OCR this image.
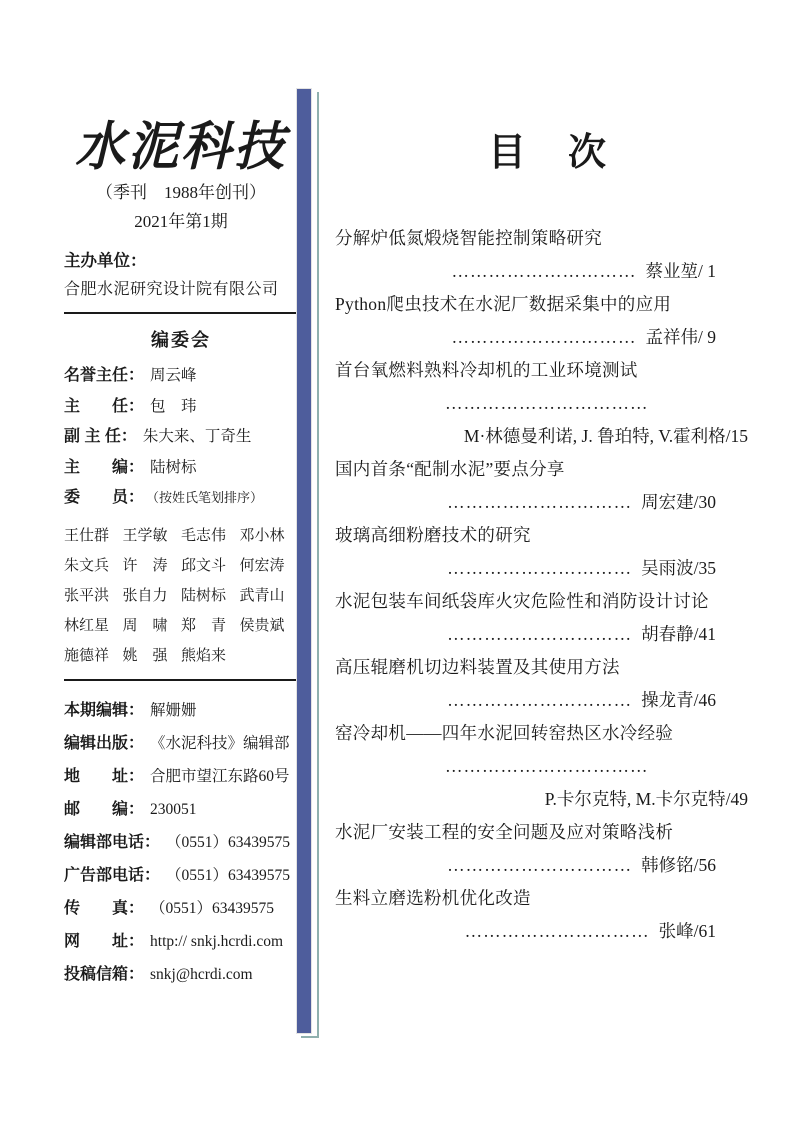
水泥科技
（季刊　1988年创刊）
2021年第1期
主办单位：
合肥水泥研究设计院有限公司
编委会
名誉主任： 周云峰
主　　任： 包　玮
副 主 任： 朱大来、丁奇生
主　　编： 陆树标
委　　员： （按姓氏笔划排序）
王仕群 王学敏 毛志伟 邓小林
朱文兵 许　涛 邱文斗 何宏涛
张平洪 张自力 陆树标 武青山
林红星 周　啸 郑　青 侯贵斌
施德祥 姚　强 熊焰来
本期编辑： 解姗姗
编辑出版： 《水泥科技》编辑部
地　　址： 合肥市望江东路60号
邮　　编： 230051
编辑部电话： （0551）63439575
广告部电话： （0551）63439575
传　　真： （0551）63439575
网　　址： http:// snkj.hcrdi.com
投稿信箱： snkj@hcrdi.com
目　次
分解炉低氮煅烧智能控制策略研究
………………………… 蔡业堃/ 1
Python爬虫技术在水泥厂数据采集中的应用
………………………… 孟祥伟/ 9
首台氧燃料熟料冷却机的工业环境测试
……………………………
M·林德曼利诺, J. 鲁珀特, V.霍利格/15
国内首条“配制水泥”要点分享
………………………… 周宏建/30
玻璃高细粉磨技术的研究
………………………… 吴雨波/35
水泥包装车间纸袋库火灾危险性和消防设计讨论
………………………… 胡春静/41
高压辊磨机切边料装置及其使用方法
………………………… 操龙青/46
窑冷却机——四年水泥回转窑热区水冷经验
……………………………
P.卡尔克特, M.卡尔克特/49
水泥厂安装工程的安全问题及应对策略浅析
………………………… 韩修铭/56
生料立磨选粉机优化改造
………………………… 张峰/61
